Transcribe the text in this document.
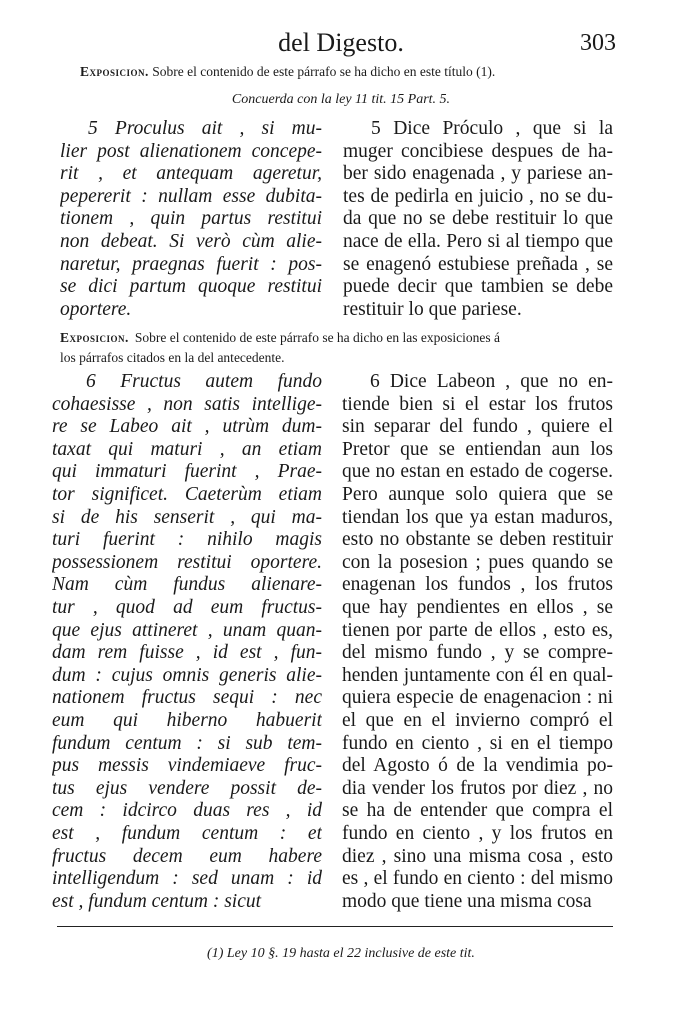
del Digesto.	303
Exposicion. Sobre el contenido de este párrafo se ha dicho en este título (1).
Concuerda con la ley 11 tit. 15 Part. 5.
5 Proculus ait , si mu-
lier post alienationem concepe-
rit , et antequam ageretur,
pepererit : nullam esse dubita-
tionem , quin partus restitui
non debeat. Si verò cùm alie-
naretur, praegnas fuerit : pos-
se dici partum quoque restitui
oportere.
5 Dice Próculo , que si la
muger concibiese despues de ha-
ber sido enagenada , y pariese an-
tes de pedirla en juicio , no se du-
da que no se debe restituir lo que
nace de ella. Pero si al tiempo que
se enagenó estubiese preñada , se
puede decir que tambien se debe
restituir lo que pariese.
Exposicion. Sobre el contenido de este párrafo se ha dicho en las exposiciones á
los párrafos citados en la del antecedente.
6 Fructus autem fundo
cohaesisse , non satis intellige-
re se Labeo ait , utrùm dum-
taxat qui maturi , an etiam
qui immaturi fuerint , Prae-
tor significet. Caeterùm etiam
si de his senserit , qui ma-
turi fuerint : nihilo magis
possessionem restitui oportere.
Nam cùm fundus alienare-
tur , quod ad eum fructus-
que ejus attineret , unam quan-
dam rem fuisse , id est , fun-
dum : cujus omnis generis alie-
nationem fructus sequi : nec
eum qui hiberno habuerit
fundum centum : si sub tem-
pus messis vindemiaeve fruc-
tus ejus vendere possit de-
cem : idcirco duas res , id
est , fundum centum : et
fructus decem eum habere
intelligendum : sed unam : id
est , fundum centum : sicut
6 Dice Labeon , que no en-
tiende bien si el estar los frutos
sin separar del fundo , quiere el
Pretor que se entiendan aun los
que no estan en estado de cogerse.
Pero aunque solo quiera que se
tiendan los que ya estan maduros,
esto no obstante se deben restituir
con la posesion ; pues quando se
enagenan los fundos , los frutos
que hay pendientes en ellos , se
tienen por parte de ellos , esto es,
del mismo fundo , y se compre-
henden juntamente con él en qual-
quiera especie de enagenacion : ni
el que en el invierno compró el
fundo en ciento , si en el tiempo
del Agosto ó de la vendimia po-
dia vender los frutos por diez , no
se ha de entender que compra el
fundo en ciento , y los frutos en
diez , sino una misma cosa , esto
es , el fundo en ciento : del mismo
modo que tiene una misma cosa
(1) Ley 10 §. 19 hasta el 22 inclusive de este tit.
